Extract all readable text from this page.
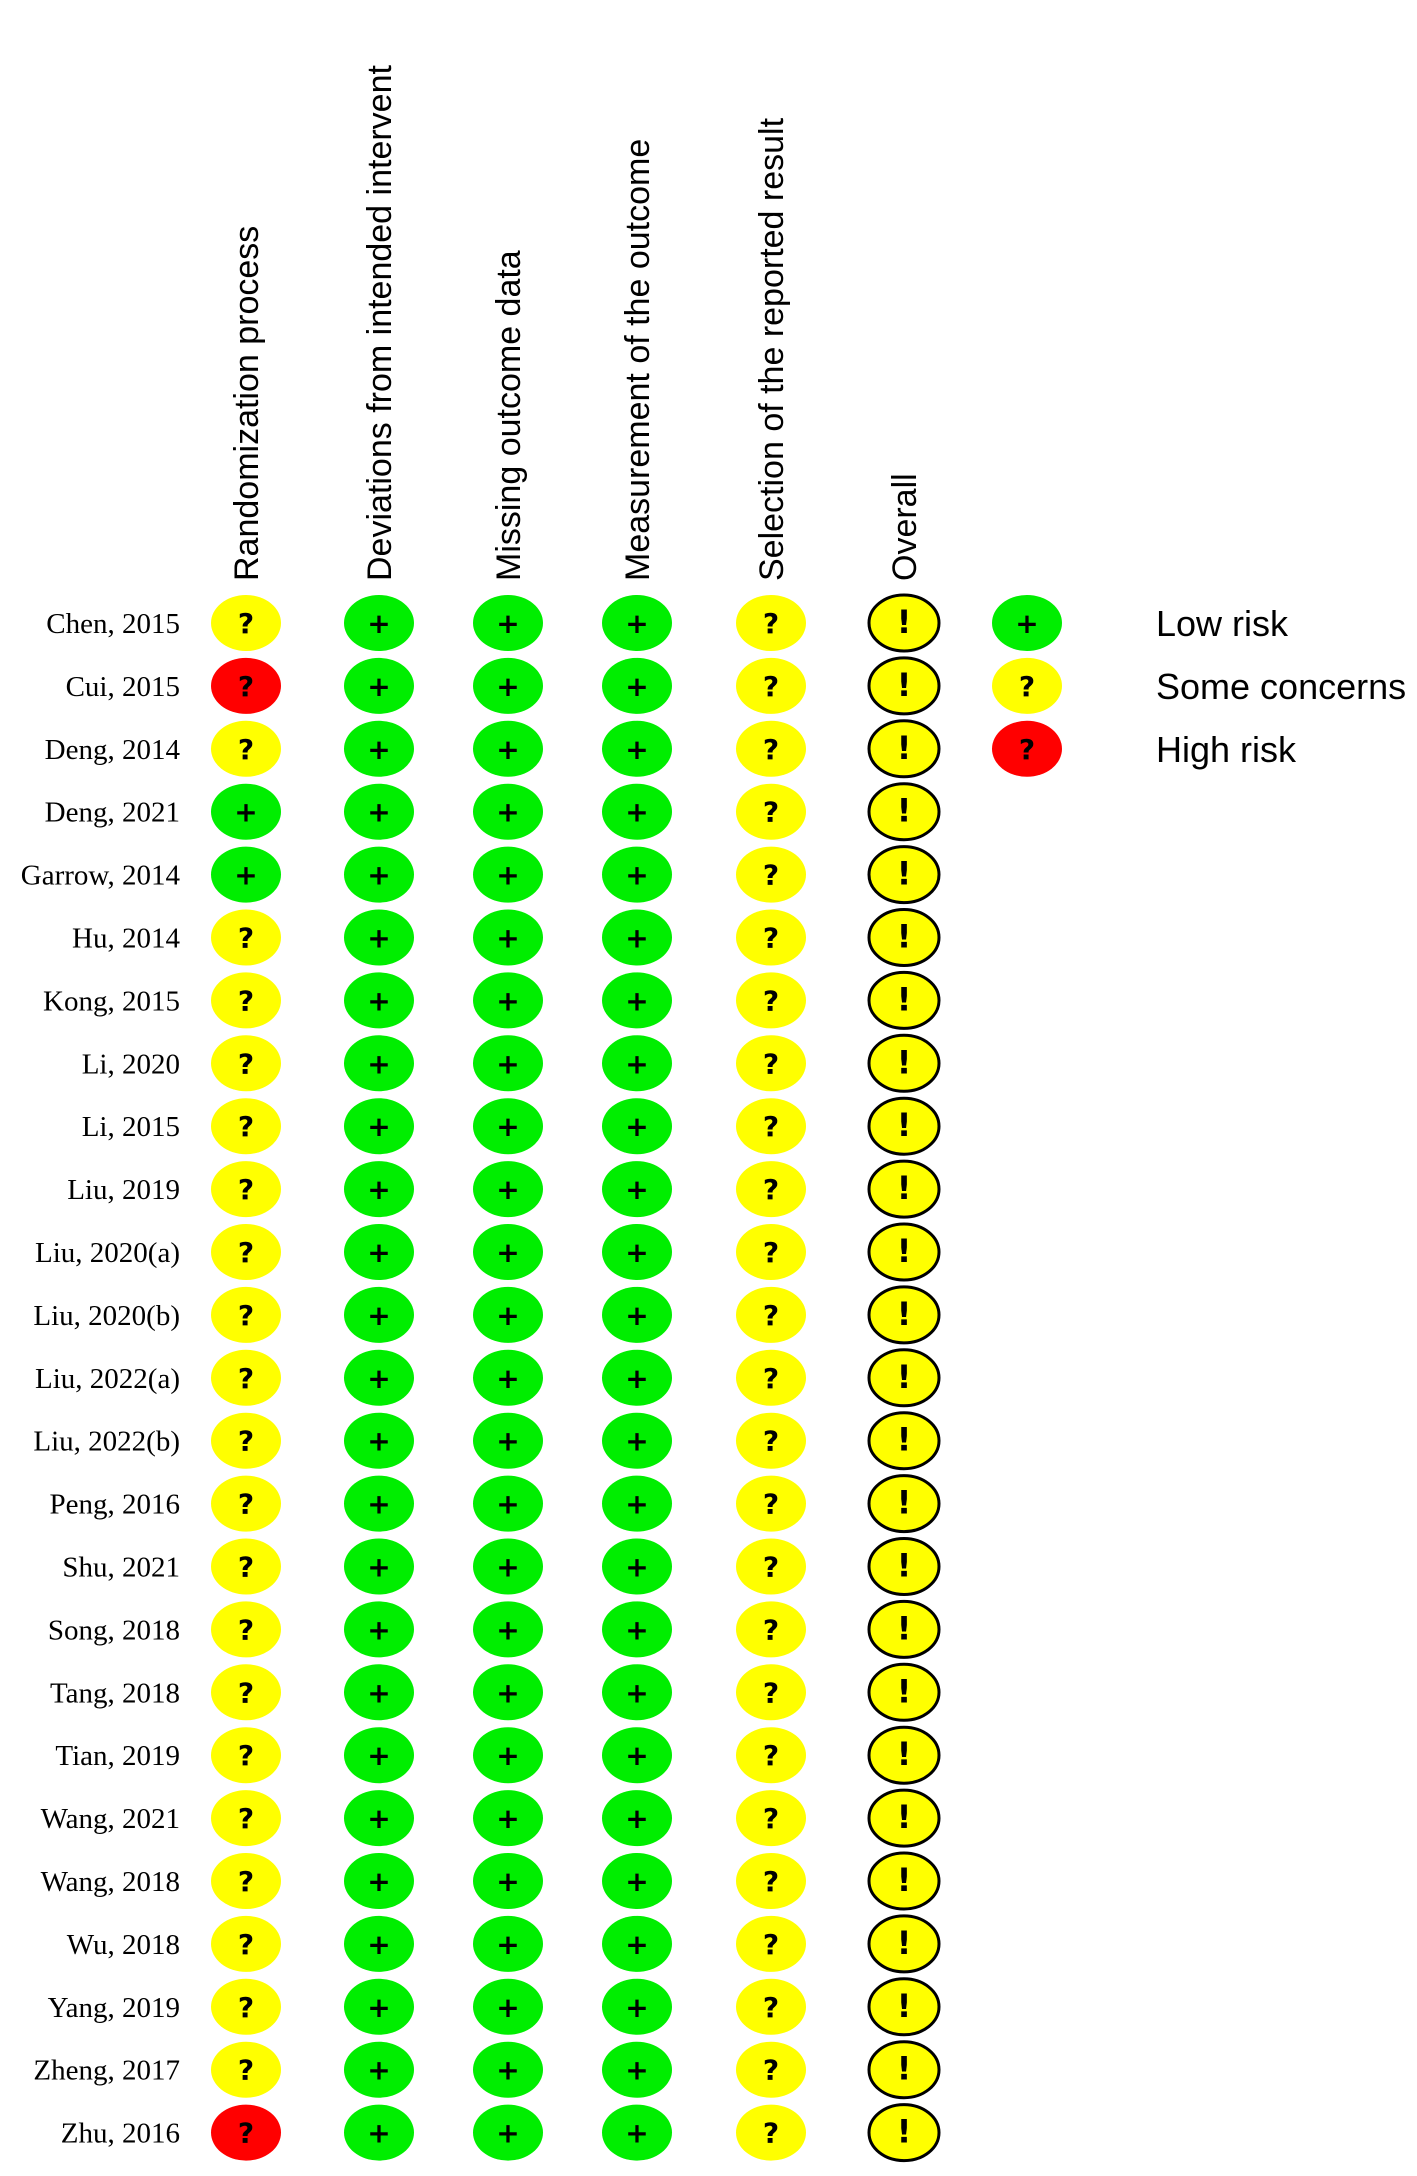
Randomization process	Deviations from intended intervent	Missing outcome data	Measurement of the outcome	Selection of the reported result	Overall
Chen, 2015 ?	+	+	+	?	!
Cui, 2015 ?	+	+	+	?	!
Deng, 2014 ?	+	+	+	?	!
Deng, 2021 +	+	+	+	?	!
Garrow, 2014 +	+	+	+	?	!
Hu, 2014 ?	+	+	+	?	!
Kong, 2015 ?	+	+	+	?	!
Li, 2020 ?	+	+	+	?	!
Li, 2015 ?	+	+	+	?	!
Liu, 2019 ?	+	+	+	?	!
Liu, 2020(a) ?	+	+	+	?	!
Liu, 2020(b) ?	+	+	+	?	!
Liu, 2022(a) ?	+	+	+	?	!
Liu, 2022(b) ?	+	+	+	?	!
Peng, 2016 ?	+	+	+	?	!
Shu, 2021 ?	+	+	+	?	!
Song, 2018 ?	+	+	+	?	!
Tang, 2018 ?	+	+	+	?	!
Tian, 2019 ?	+	+	+	?	!
Wang, 2021 ?	+	+	+	?	!
Wang, 2018 ?	+	+	+	?	!
Wu, 2018 ?	+	+	+	?	!
Yang, 2019 ?	+	+	+	?	!
Zheng, 2017 ?	+	+	+	?	!
Zhu, 2016 ?	+	+	+	?	!
+	Low risk
?	Some concerns
?	High risk
